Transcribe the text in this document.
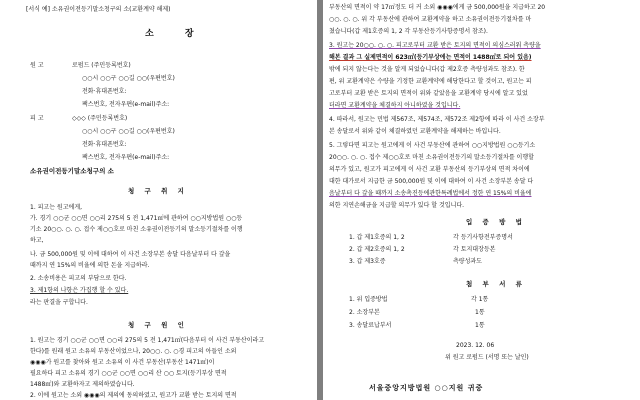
[서식 예] 소유권이전등기말소청구의 소(교환계약 해제)
소 장
원 고	로펌드 (주민등록번호)
○○시 ○○구 ○○길 ○○(우편번호)
전화·휴대폰번호:
팩스번호, 전자우편(e-mail)주소:
피 고	◇◇◇ (주민등록번호)
○○시 ○○구 ○○길 ○○(우편번호)
전화·휴대폰번호:
팩스번호, 전자우편(e-mail)주소:
소유권이전등기말소청구의 소
청 구 취 지
1. 피고는 원고에게,
가. 경기 ○○군 ○○면 ○○리 275의 5 전 1,471㎡에 관하여 ○○지방법원 ○○등
기소 20○○. ○. ○. 접수 제○○호로 마친 소유권이전등기의 말소등기절차를 이행
하고,
나. 금 500,000원 및 이에 대하여 이 사건 소장부본 송달 다음날부터 다 갚을
때까지 연 15%의 비율에 의한 돈을 지급하라.
2. 소송비용은 피고의 부담으로 한다.
3. 제1항의 나항은 가집행 할 수 있다.
라는 판결을 구합니다.
청 구 원 인
1. 원고는 경기 ○○군 ○○면 ○○리 275의 5 전 1,471㎡(다음부터 이 사건 부동산이라고
한다)를 원래 원고 소유의 부동산이었으나, 20○○. ○. ○경 피고의 아들인 소외
◉◉◉가 원고를 찾아와 원고 소유의 이 사건 부동산(부동산 1471㎡)이
필요하다 피고 소유의 경기 ○○군 ○○면 ○○리 산 ○○ 토지(등기부상 면적
1488㎡)와 교환하자고 제의하였습니다.
2. 이에 원고는 소외 ◉◉◉의 제의에 동의하였고, 원고가 교환 받는 토지의 면적
부동산의 면적이 약 17㎡정도 더 커 소외 ◉◉◉에게 금 500,000원을 지급하고 20
○○. ○. ○. 위 각 부동산에 관하여 교환계약을 하고 소유권이전등기절차를 마
쳤습니다(갑 제1호증의 1, 2 각 부동산등기사항증명서 참조).
3. 원고는 20○○. ○. ○. 피고로부터 교환 받은 토지의 면적이 의심스러워 측량을
해본 결과 그 실제면적이 623㎡(등기부상에는 면적이 1488㎡로 되어 있음)
밖에 되지 않는다는 것을 알게 되었습니다(갑 제2호증 측량성과도 참조). 한
편, 위 교환계약은 수량을 기정한 교환계약에 해당한다고 할 것이고, 원고는 피
고로부터 교환 받은 토지의 면적이 위와 같았음을 교환계약 당시에 알고 있었
더라면 교환계약을 체결하지 아니하였을 것입니다.
4. 따라서, 원고는 민법 제567조, 제574조, 제572조 제2항에 따라 이 사건 소장부
본 송달로서 위와 같이 체결하였던 교환계약을 해제하는 바입니다.
5. 그렇다면 피고는 원고에게 이 사건 부동산에 관하여 ○○지방법원 ○○등기소
20○○. ○. ○. 접수 제○○호로 마친 소유권이전등기의 말소등기절차를 이행할
의무가 있고, 원고가 피고에게 이 사건 교환 부동산의 등기부상의 면적 차이에
대한 대가로서 지급한 금 500,000원 및 이에 대하여 이 사건 소장부본 송달 다
음날부터 다 갚을 때까지 소송촉진등에관한특례법에서 정한 연 15%의 비율에
의한 지연손해금을 지급할 의무가 있다 할 것입니다.
입 증 방 법
1. 갑 제1호증의 1, 2	각 등기사항전부증명서
2. 갑 제2호증의 1, 2	각 토지대장등본
3. 갑 제3호증	측량성과도
첨 부 서 류
1. 위 입증방법	각 1통
2. 소장부본	1통
3. 송달료납부서	1통
2023. 12. 06
위 원고 로펌드 (서명 또는 날인)
서울중앙지방법원 ○○지원 귀중
